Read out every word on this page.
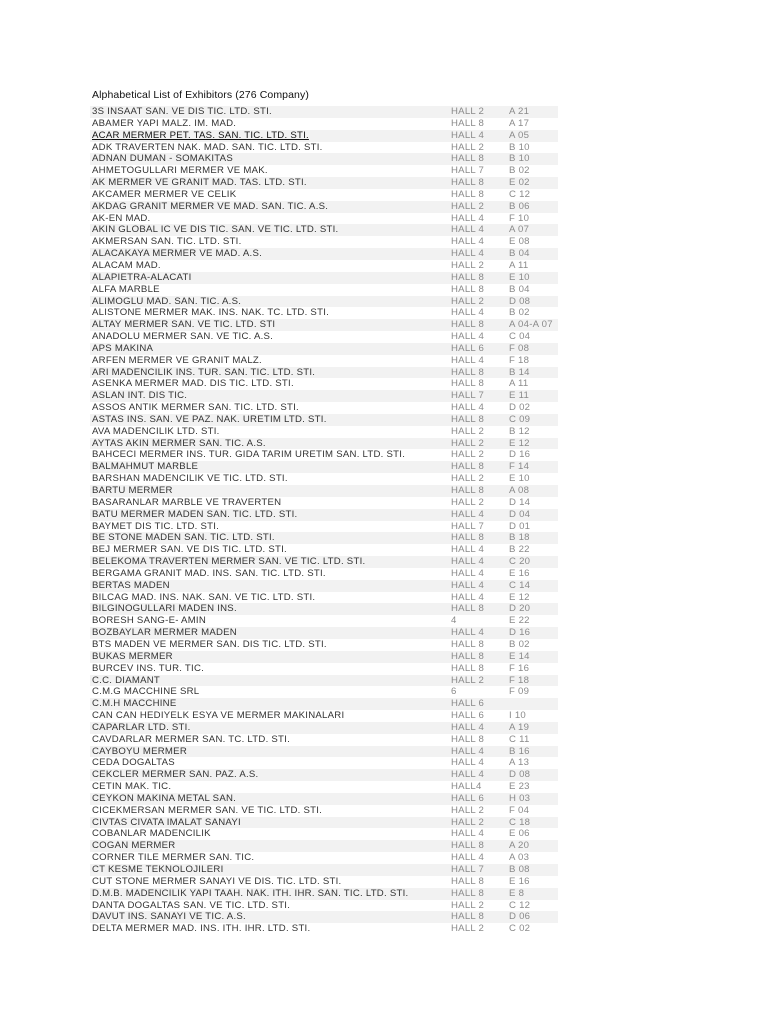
Alphabetical List of Exhibitors (276 Company)
3S INSAAT SAN. VE DIS TIC. LTD. STI.	HALL 2	A 21
ABAMER YAPI MALZ. IM. MAD.	HALL 8	A 17
ACAR MERMER PET. TAS. SAN. TIC. LTD. STI.	HALL 4	A 05
ADK TRAVERTEN NAK. MAD. SAN. TIC. LTD. STI.	HALL 2	B 10
ADNAN DUMAN - SOMAKITAS	HALL 8	B 10
AHMETOGULLARI MERMER VE MAK.	HALL 7	B 02
AK MERMER VE GRANIT MAD. TAS. LTD. STI.	HALL 8	E 02
AKCAMER MERMER VE CELIK	HALL 8	C 12
AKDAG GRANIT MERMER VE MAD. SAN. TIC. A.S.	HALL 2	B 06
AK-EN MAD.	HALL 4	F 10
AKIN GLOBAL IC VE DIS TIC. SAN. VE TIC. LTD. STI.	HALL 4	A 07
AKMERSAN SAN. TIC. LTD. STI.	HALL 4	E 08
ALACAKAYA MERMER VE MAD. A.S.	HALL 4	B 04
ALACAM MAD.	HALL 2	A 11
ALAPIETRA-ALACATI	HALL 8	E 10
ALFA MARBLE	HALL 8	B 04
ALIMOGLU MAD. SAN. TIC. A.S.	HALL 2	D 08
ALISTONE MERMER MAK. INS. NAK. TC. LTD. STI.	HALL 4	B 02
ALTAY MERMER SAN. VE TIC. LTD. STI	HALL 8	A 04-A 07
ANADOLU MERMER SAN. VE TIC. A.S.	HALL 4	C 04
APS MAKINA	HALL 6	F 08
ARFEN MERMER VE GRANIT MALZ.	HALL 4	F 18
ARI MADENCILIK INS. TUR. SAN. TIC. LTD. STI.	HALL 8	B 14
ASENKA MERMER MAD. DIS TIC. LTD. STI.	HALL 8	A 11
ASLAN INT. DIS TIC.	HALL 7	E 11
ASSOS ANTIK MERMER SAN. TIC. LTD. STI.	HALL 4	D 02
ASTAS INS. SAN. VE PAZ. NAK. URETIM LTD. STI.	HALL 8	C 09
AVA MADENCILIK LTD. STI.	HALL 2	B 12
AYTAS AKIN MERMER SAN. TIC. A.S.	HALL 2	E 12
BAHCECI MERMER INS. TUR. GIDA TARIM URETIM SAN. LTD. STI.	HALL 2	D 16
BALMAHMUT MARBLE	HALL 8	F 14
BARSHAN MADENCILIK VE TIC. LTD. STI.	HALL 2	E 10
BARTU MERMER	HALL 8	A 08
BASARANLAR MARBLE VE TRAVERTEN	HALL 2	D 14
BATU MERMER MADEN SAN. TIC. LTD. STI.	HALL 4	D 04
BAYMET DIS TIC. LTD. STI.	HALL 7	D 01
BE STONE MADEN SAN. TIC. LTD. STI.	HALL 8	B 18
BEJ MERMER SAN. VE DIS TIC. LTD. STI.	HALL 4	B 22
BELEKOMA TRAVERTEN MERMER SAN. VE TIC. LTD. STI.	HALL 4	C 20
BERGAMA GRANIT MAD. INS. SAN. TIC. LTD. STI.	HALL 4	E 16
BERTAS MADEN	HALL 4	C 14
BILCAG MAD. INS. NAK. SAN. VE TIC. LTD. STI.	HALL 4	E 12
BILGINOGULLARI MADEN INS.	HALL 8	D 20
BORESH SANG-E- AMIN	4	E 22
BOZBAYLAR MERMER MADEN	HALL 4	D 16
BTS MADEN VE MERMER SAN. DIS TIC. LTD. STI.	HALL 8	B 02
BUKAS MERMER	HALL 8	E 14
BURCEV INS. TUR. TIC.	HALL 8	F 16
C.C. DIAMANT	HALL 2	F 18
C.M.G MACCHINE SRL	6	F 09
C.M.H MACCHINE	HALL 6
CAN CAN HEDIYELK ESYA VE MERMER MAKINALARI	HALL 6	I 10
CAPARLAR LTD. STI.	HALL 4	A 19
CAVDARLAR MERMER SAN. TC. LTD. STI.	HALL 8	C 11
CAYBOYU MERMER	HALL 4	B 16
CEDA DOGALTAS	HALL 4	A 13
CEKCLER MERMER SAN. PAZ. A.S.	HALL 4	D 08
CETIN MAK. TIC.	HALL4	E 23
CEYKON MAKINA METAL SAN.	HALL 6	H 03
CICEKMERSAN MERMER SAN. VE TIC. LTD. STI.	HALL 2	F 04
CIVTAS CIVATA IMALAT SANAYI	HALL 2	C 18
COBANLAR MADENCILIK	HALL 4	E 06
COGAN MERMER	HALL 8	A 20
CORNER TILE MERMER SAN. TIC.	HALL 4	A 03
CT KESME TEKNOLOJILERI	HALL 7	B 08
CUT STONE MERMER SANAYI VE DIS. TIC. LTD. STI.	HALL 8	E 16
D.M.B. MADENCILIK YAPI TAAH. NAK. ITH. IHR. SAN. TIC. LTD. STI.	HALL 8	E 8
DANTA DOGALTAS SAN. VE TIC. LTD. STI.	HALL 2	C 12
DAVUT INS. SANAYI VE TIC. A.S.	HALL 8	D 06
DELTA MERMER MAD. INS. ITH. IHR. LTD. STI.	HALL 2	C 02
